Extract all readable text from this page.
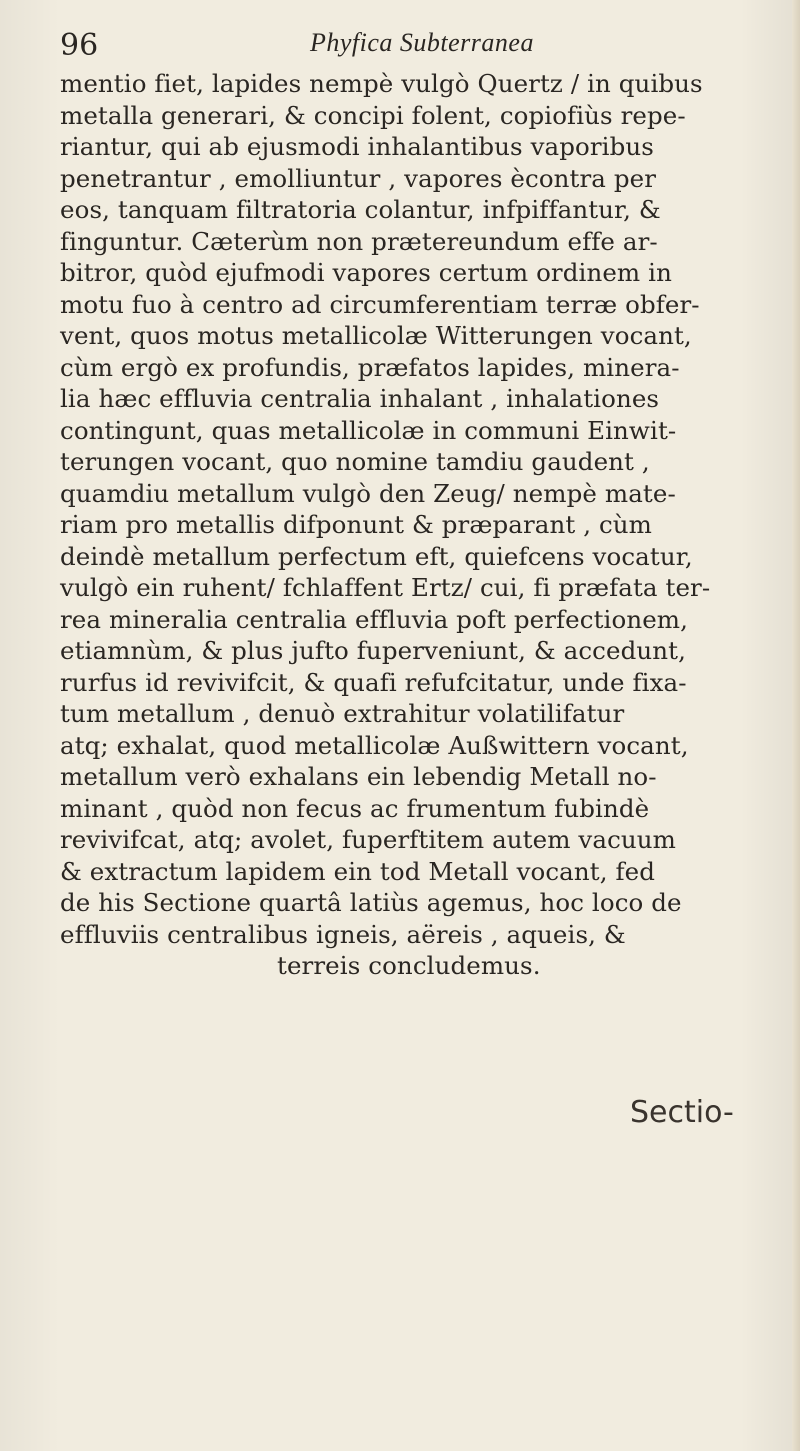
96	Phyfica Subterranea
mentio fiet, lapides nempè vulgò Quertz / in quibus
metalla generari, & concipi folent, copiofiùs repe-
riantur, qui ab ejusmodi inhalantibus vaporibus
penetrantur , emolliuntur , vapores ècontra per
eos, tanquam filtratoria colantur, infpiffantur, &
finguntur. Cæterùm non prætereundum effe ar-
bitror, quòd ejufmodi vapores certum ordinem in
motu fuo à centro ad circumferentiam terræ obfer-
vent, quos motus metallicolæ Witterungen vocant,
cùm ergò ex profundis, præfatos lapides, minera-
lia hæc effluvia centralia inhalant , inhalationes
contingunt, quas metallicolæ in communi Einwit-
terungen vocant, quo nomine tamdiu gaudent ,
quamdiu metallum vulgò den Zeug/ nempè mate-
riam pro metallis difponunt & præparant , cùm
deindè metallum perfectum eft, quiefcens vocatur,
vulgò ein ruhent/ fchlaffent Ertz/ cui, fi præfata ter-
rea mineralia centralia effluvia poft perfectionem,
etiamnùm, & plus jufto fuperveniunt, & accedunt,
rurfus id revivifcit, & quafi refufcitatur, unde fixa-
tum metallum , denuò extrahitur volatilifatur
atq; exhalat, quod metallicolæ Außwittern vocant,
metallum verò exhalans ein lebendig Metall no-
minant , quòd non fecus ac frumentum fubindè
revivifcat, atq; avolet, fuperftitem autem vacuum
& extractum lapidem ein tod Metall vocant, fed
de his Sectione quartâ latiùs agemus, hoc loco de
effluviis centralibus igneis, aëreis , aqueis, &
terreis concludemus.
Sectio-
